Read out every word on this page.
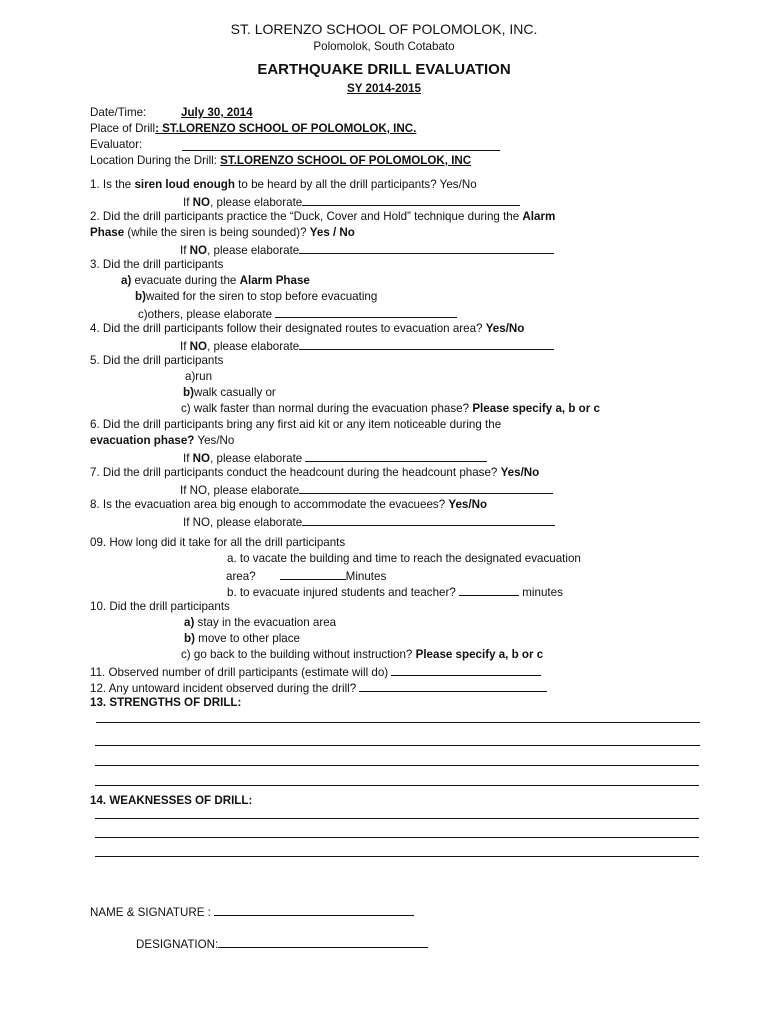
ST. LORENZO SCHOOL OF POLOMOLOK, INC.
Polomolok, South Cotabato
EARTHQUAKE DRILL EVALUATION
SY 2014-2015
Date/Time:	July 30, 2014
Place of Drill: ST.LORENZO SCHOOL OF POLOMOLOK, INC.
Evaluator:
Location During the Drill: ST.LORENZO SCHOOL OF POLOMOLOK, INC
1. Is the siren loud enough to be heard by all the drill participants? Yes/No
If NO, please elaborate
2. Did the drill participants practice the “Duck, Cover and Hold” technique during the Alarm
Phase (while the siren is being sounded)? Yes / No
If NO, please elaborate
3. Did the drill participants
a) evacuate during the Alarm Phase
b)waited for the siren to stop before evacuating
c)others, please elaborate
4. Did the drill participants follow their designated routes to evacuation area? Yes/No
If NO, please elaborate
5. Did the drill participants
a)run
b)walk casually or
c) walk faster than normal during the evacuation phase? Please specify a, b or c
6. Did the drill participants bring any first aid kit or any item noticeable during the
evacuation phase? Yes/No
If NO, please elaborate
7. Did the drill participants conduct the headcount during the headcount phase? Yes/No
If NO, please elaborate
8. Is the evacuation area big enough to accommodate the evacuees? Yes/No
If NO, please elaborate
09. How long did it take for all the drill participants
a. to vacate the building and time to reach the designated evacuation
area?	Minutes
b. to evacuate injured students and teacher?	minutes
10. Did the drill participants
a) stay in the evacuation area
b) move to other place
c) go back to the building without instruction? Please specify a, b or c
11. Observed number of drill participants (estimate will do)
12. Any untoward incident observed during the drill?
13. STRENGTHS OF DRILL:
14. WEAKNESSES OF DRILL:
NAME & SIGNATURE :
DESIGNATION:
